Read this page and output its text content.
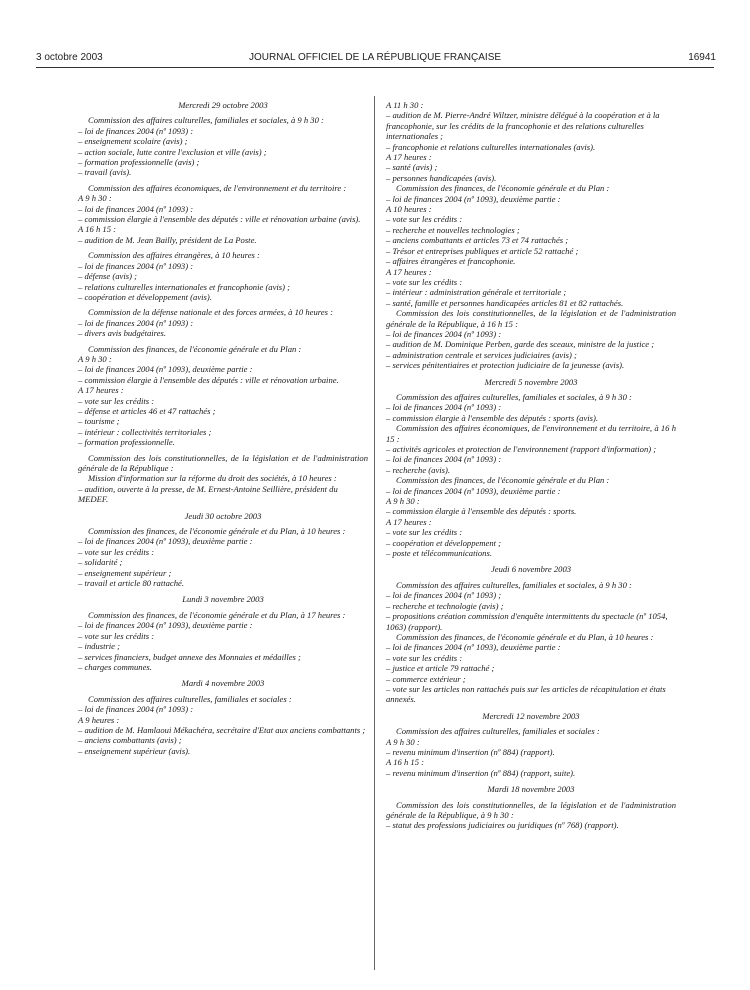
3 octobre 2003	JOURNAL OFFICIEL DE LA RÉPUBLIQUE FRANÇAISE	16941
Mercredi 29 octobre 2003
Commission des affaires culturelles, familiales et sociales, à 9 h 30 :
– loi de finances 2004 (nº 1093) :
– enseignement scolaire (avis) ;
– action sociale, lutte contre l'exclusion et ville (avis) ;
– formation professionnelle (avis) ;
– travail (avis).
Commission des affaires économiques, de l'environnement et du territoire :
A 9 h 30 :
– loi de finances 2004 (nº 1093) :
– commission élargie à l'ensemble des députés : ville et rénovation urbaine (avis).
A 16 h 15 :
– audition de M. Jean Bailly, président de La Poste.
Commission des affaires étrangères, à 10 heures :
– loi de finances 2004 (nº 1093) :
– défense (avis) ;
– relations culturelles internationales et francophonie (avis) ;
– coopération et développement (avis).
Commission de la défense nationale et des forces armées, à 10 heures :
– loi de finances 2004 (nº 1093) :
– divers avis budgétaires.
Commission des finances, de l'économie générale et du Plan :
A 9 h 30 :
– loi de finances 2004 (nº 1093), deuxième partie :
– commission élargie à l'ensemble des députés : ville et rénovation urbaine.
A 17 heures :
– vote sur les crédits :
– défense et articles 46 et 47 rattachés ;
– tourisme ;
– intérieur : collectivités territoriales ;
– formation professionnelle.
Commission des lois constitutionnelles, de la législation et de l'administration générale de la République :
Mission d'information sur la réforme du droit des sociétés, à 10 heures :
– audition, ouverte à la presse, de M. Ernest-Antoine Seillière, président du MEDEF.
Jeudi 30 octobre 2003
Commission des finances, de l'économie générale et du Plan, à 10 heures :
– loi de finances 2004 (nº 1093), deuxième partie :
– vote sur les crédits :
– solidarité ;
– enseignement supérieur ;
– travail et article 80 rattaché.
Lundi 3 novembre 2003
Commission des finances, de l'économie générale et du Plan, à 17 heures :
– loi de finances 2004 (nº 1093), deuxième partie :
– vote sur les crédits :
– industrie ;
– services financiers, budget annexe des Monnaies et médailles ;
– charges communes.
Mardi 4 novembre 2003
Commission des affaires culturelles, familiales et sociales :
– loi de finances 2004 (nº 1093) :
A 9 heures :
– audition de M. Hamlaoui Mékachéra, secrétaire d'Etat aux anciens combattants ;
– anciens combattants (avis) ;
– enseignement supérieur (avis).
A 11 h 30 :
– audition de M. Pierre-André Wiltzer, ministre délégué à la coopération et à la francophonie, sur les crédits de la francophonie et des relations culturelles internationales ;
– francophonie et relations culturelles internationales (avis).
A 17 heures :
– santé (avis) ;
– personnes handicapées (avis).
Commission des finances, de l'économie générale et du Plan :
– loi de finances 2004 (nº 1093), deuxième partie :
A 10 heures :
– vote sur les crédits :
– recherche et nouvelles technologies ;
– anciens combattants et articles 73 et 74 rattachés ;
– Trésor et entreprises publiques et article 52 rattaché ;
– affaires étrangères et francophonie.
A 17 heures :
– vote sur les crédits :
– intérieur : administration générale et territoriale ;
– santé, famille et personnes handicapées articles 81 et 82 rattachés.
Commission des lois constitutionnelles, de la législation et de l'administration générale de la République, à 16 h 15 :
– loi de finances 2004 (nº 1093) :
– audition de M. Dominique Perben, garde des sceaux, ministre de la justice ;
– administration centrale et services judiciaires (avis) ;
– services pénitentiaires et protection judiciaire de la jeunesse (avis).
Mercredi 5 novembre 2003
Commission des affaires culturelles, familiales et sociales, à 9 h 30 :
– loi de finances 2004 (nº 1093) :
– commission élargie à l'ensemble des députés : sports (avis).
Commission des affaires économiques, de l'environnement et du territoire, à 16 h 15 :
– activités agricoles et protection de l'environnement (rapport d'information) ;
– loi de finances 2004 (nº 1093) :
– recherche (avis).
Commission des finances, de l'économie générale et du Plan :
– loi de finances 2004 (nº 1093), deuxième partie :
A 9 h 30 :
– commission élargie à l'ensemble des députés : sports.
A 17 heures :
– vote sur les crédits :
– coopération et développement ;
– poste et télécommunications.
Jeudi 6 novembre 2003
Commission des affaires culturelles, familiales et sociales, à 9 h 30 :
– loi de finances 2004 (nº 1093) ;
– recherche et technologie (avis) ;
– propositions création commission d'enquête intermittents du spectacle (nº 1054, 1063) (rapport).
Commission des finances, de l'économie générale et du Plan, à 10 heures :
– loi de finances 2004 (nº 1093), deuxième partie :
– vote sur les crédits :
– justice et article 79 rattaché ;
– commerce extérieur ;
– vote sur les articles non rattachés puis sur les articles de récapitulation et états annexés.
Mercredi 12 novembre 2003
Commission des affaires culturelles, familiales et sociales :
A 9 h 30 :
– revenu minimum d'insertion (nº 884) (rapport).
A 16 h 15 :
– revenu minimum d'insertion (nº 884) (rapport, suite).
Mardi 18 novembre 2003
Commission des lois constitutionnelles, de la législation et de l'administration générale de la République, à 9 h 30 :
– statut des professions judiciaires ou juridiques (nº 768) (rapport).
